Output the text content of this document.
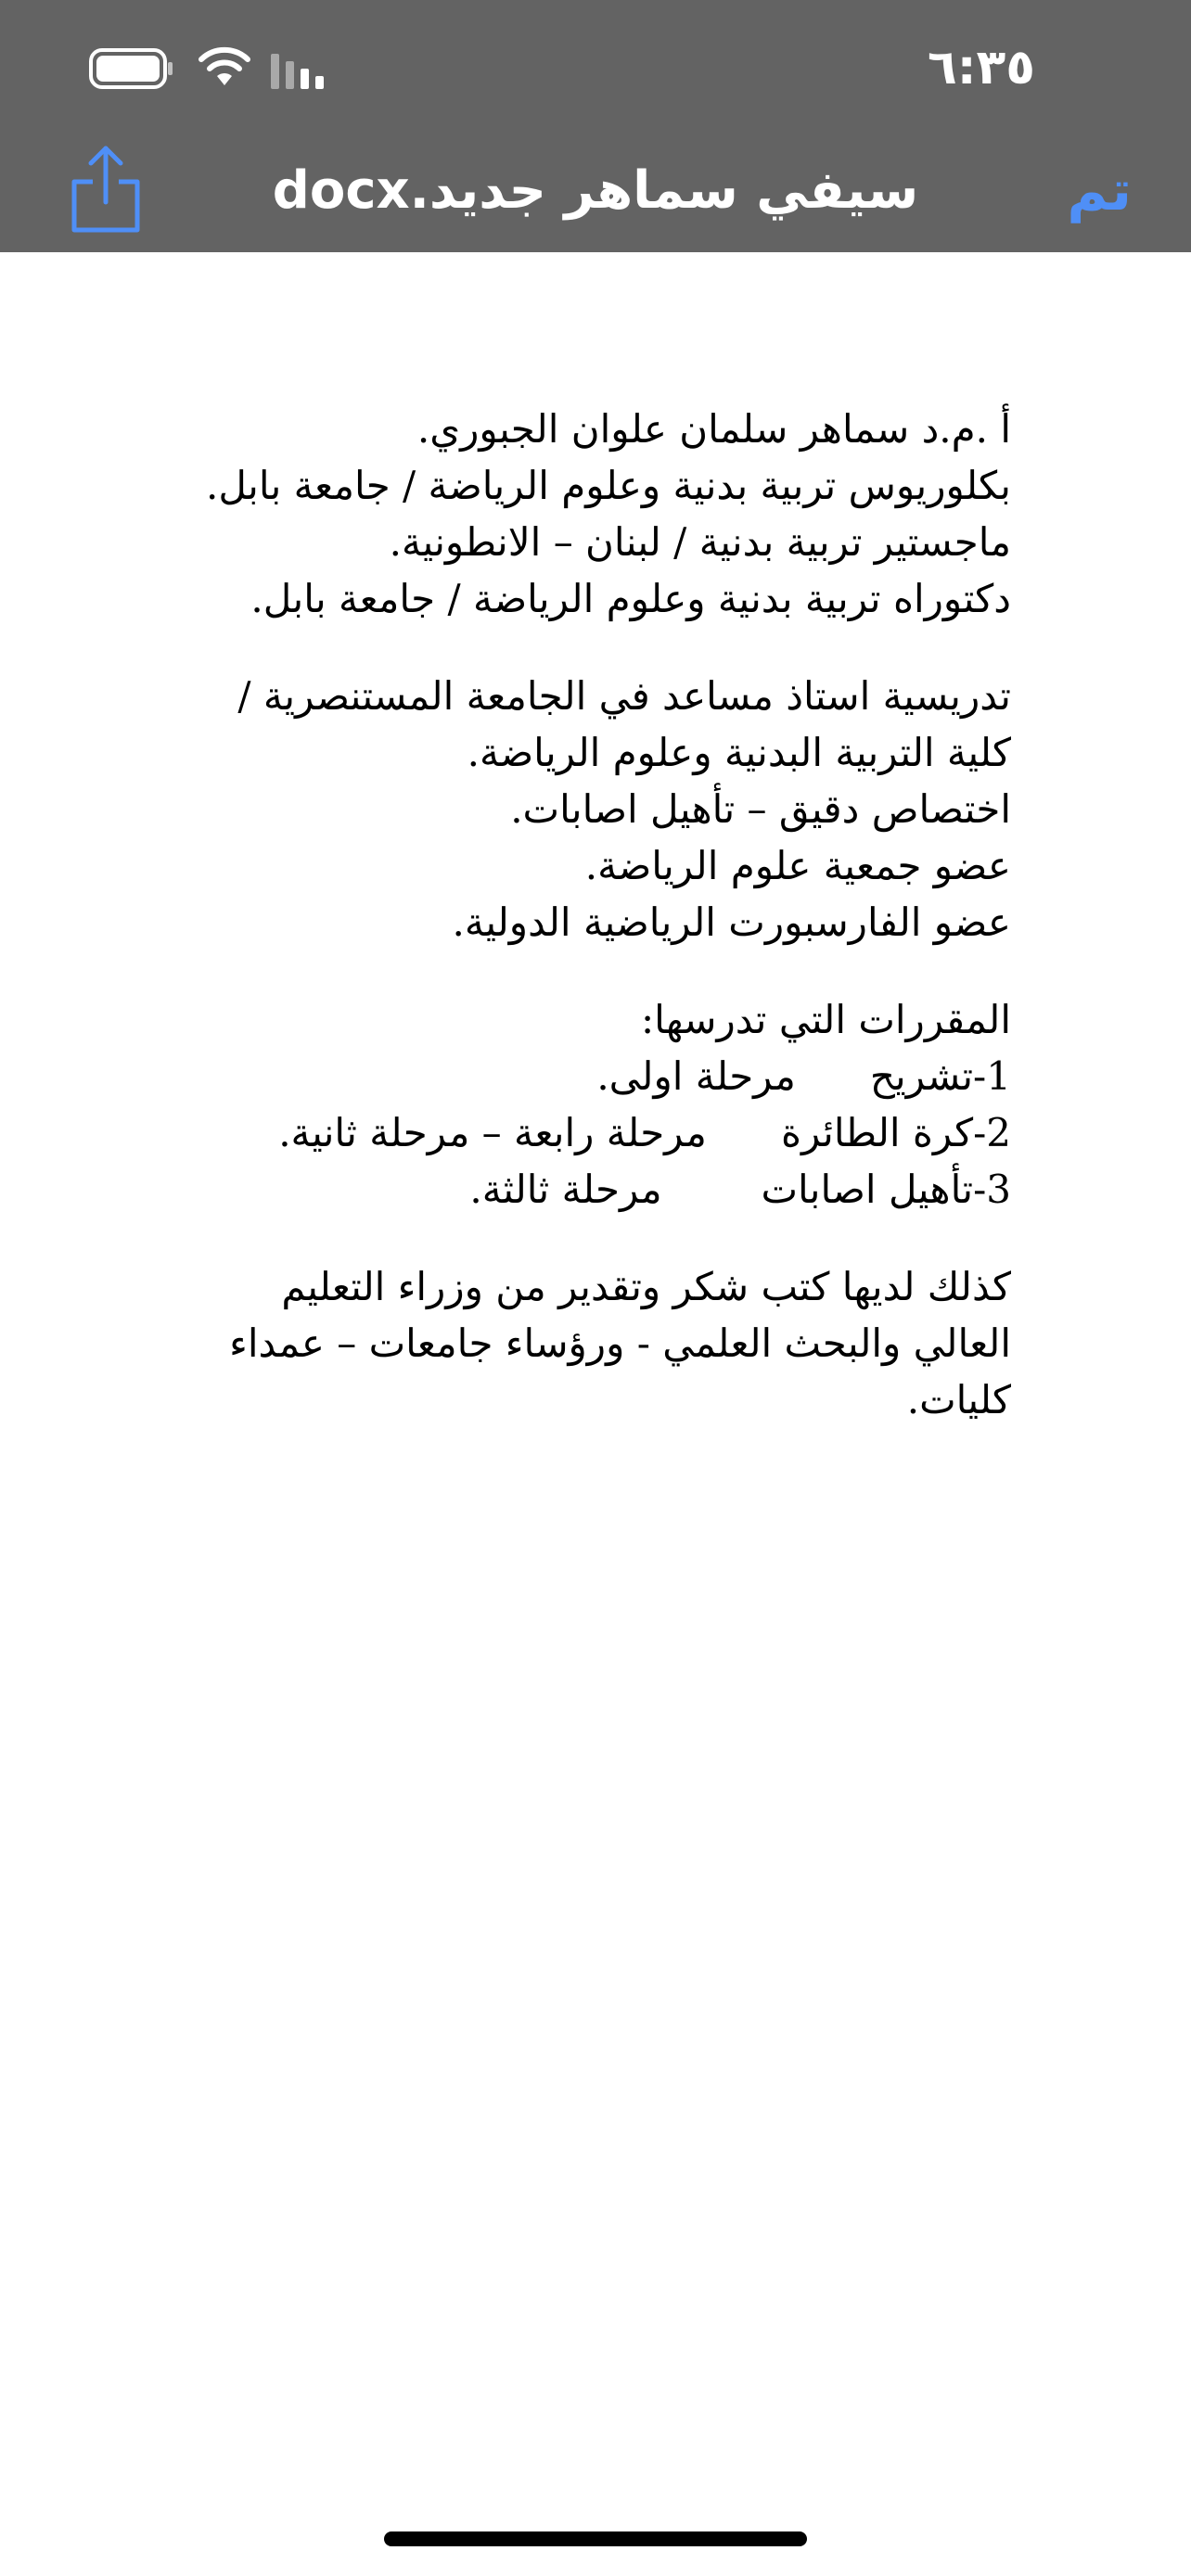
٦:٣٥
سيفي سماهر جديد.docx	تم
أ .م.د سماهر سلمان علوان الجبوري.
بكلوريوس تربية بدنية وعلوم الرياضة / جامعة بابل.
ماجستير تربية بدنية / لبنان – الانطونية.
دكتوراه تربية بدنية وعلوم الرياضة / جامعة بابل.
تدريسية استاذ مساعد في الجامعة المستنصرية /
كلية التربية البدنية وعلوم الرياضة.
اختصاص دقيق – تأهيل اصابات.
عضو جمعية علوم الرياضة.
عضو الفارسبورت الرياضية الدولية.
المقررات التي تدرسها:
1-تشريح      مرحلة اولى.
2-كرة الطائرة      مرحلة رابعة – مرحلة ثانية.
3-تأهيل اصابات        مرحلة ثالثة.
كذلك لديها كتب شكر وتقدير من وزراء التعليم العالي والبحث العلمي - ورؤساء جامعات – عمداء كليات.
